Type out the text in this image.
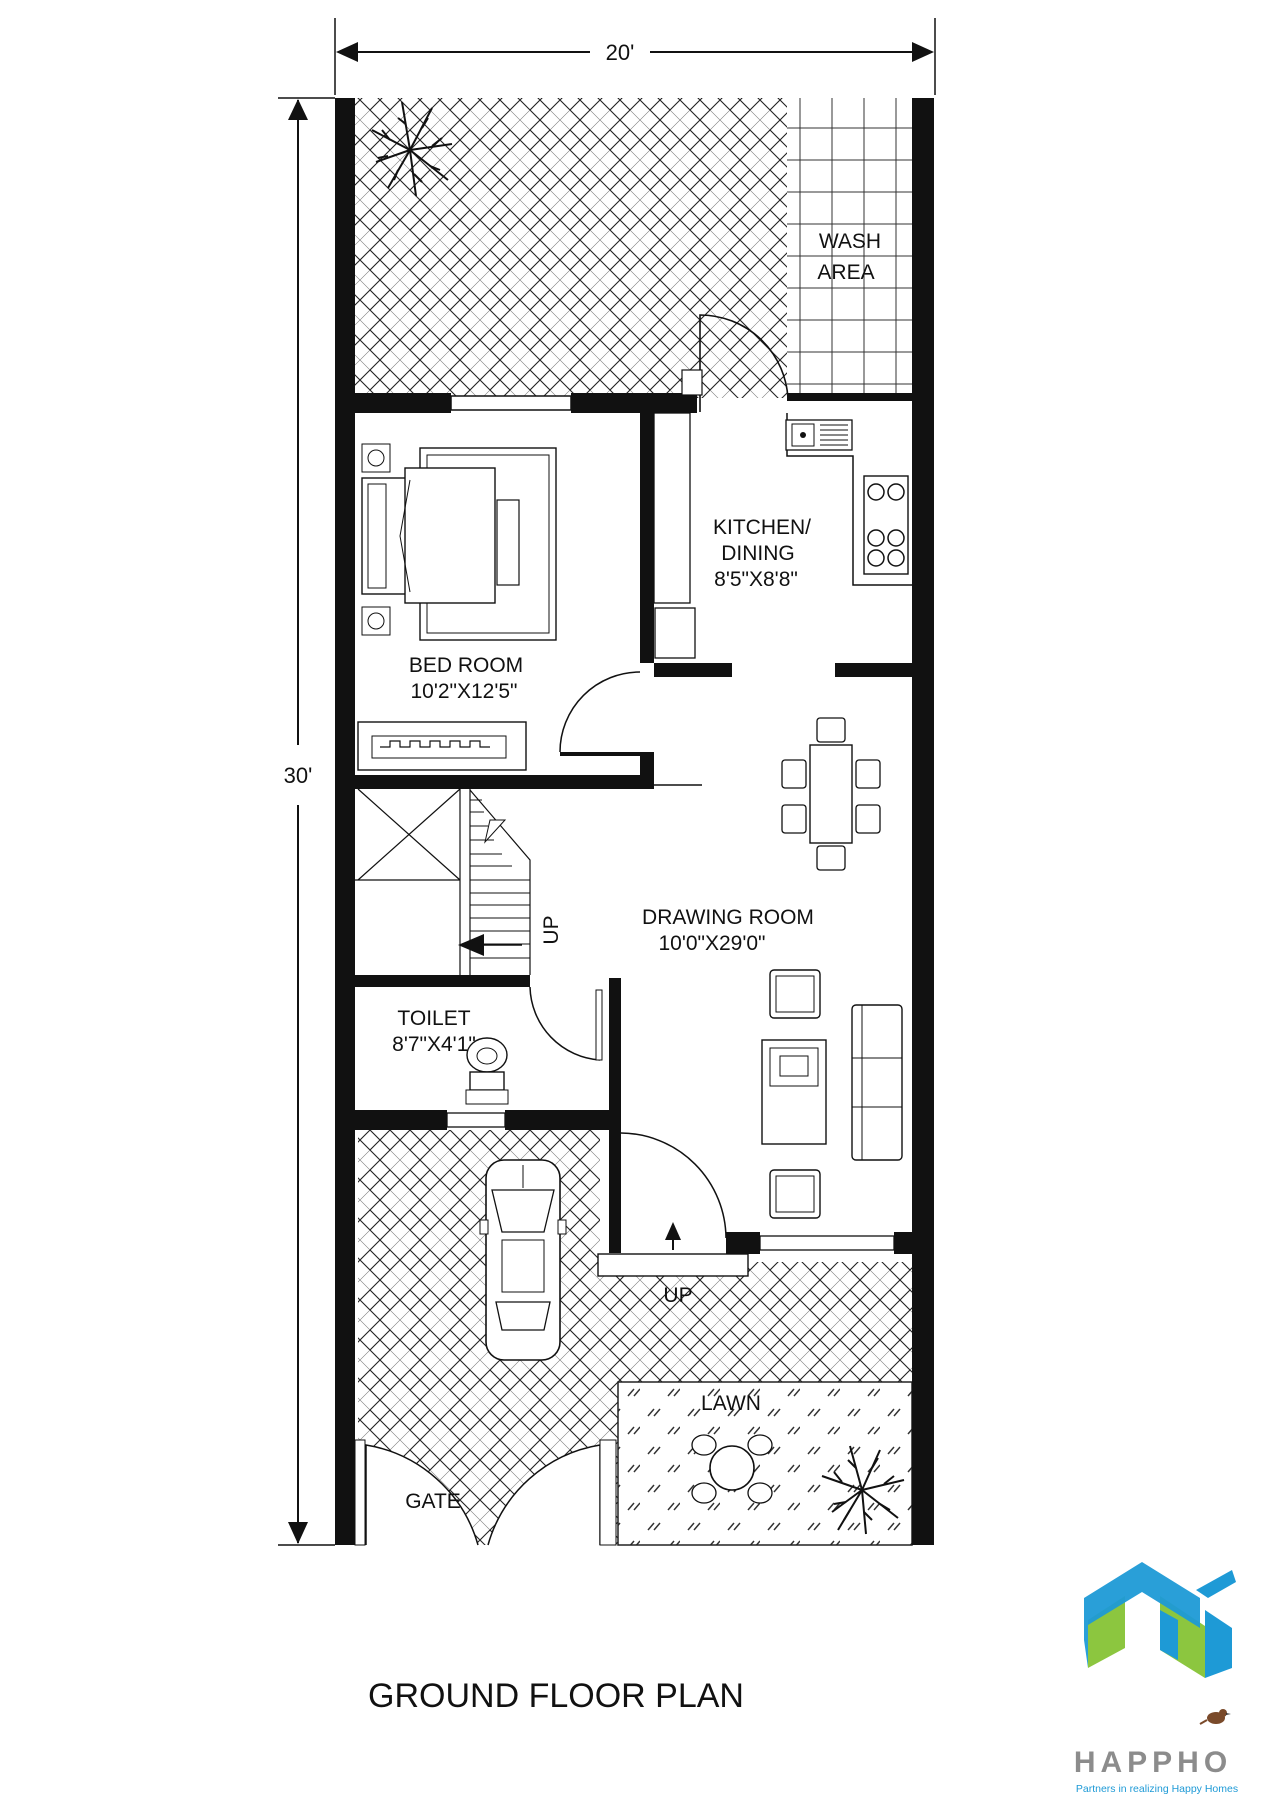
20'
30'
UP
UP
WASH
AREA
KITCHEN/
DINING
8'5"X8'8"
BED ROOM
10'2"X12'5"
DRAWING ROOM
10'0"X29'0"
TOILET
8'7"X4'1"
LAWN
GATE
GROUND FLOOR PLAN
HAPPHO
Partners in realizing Happy Homes
